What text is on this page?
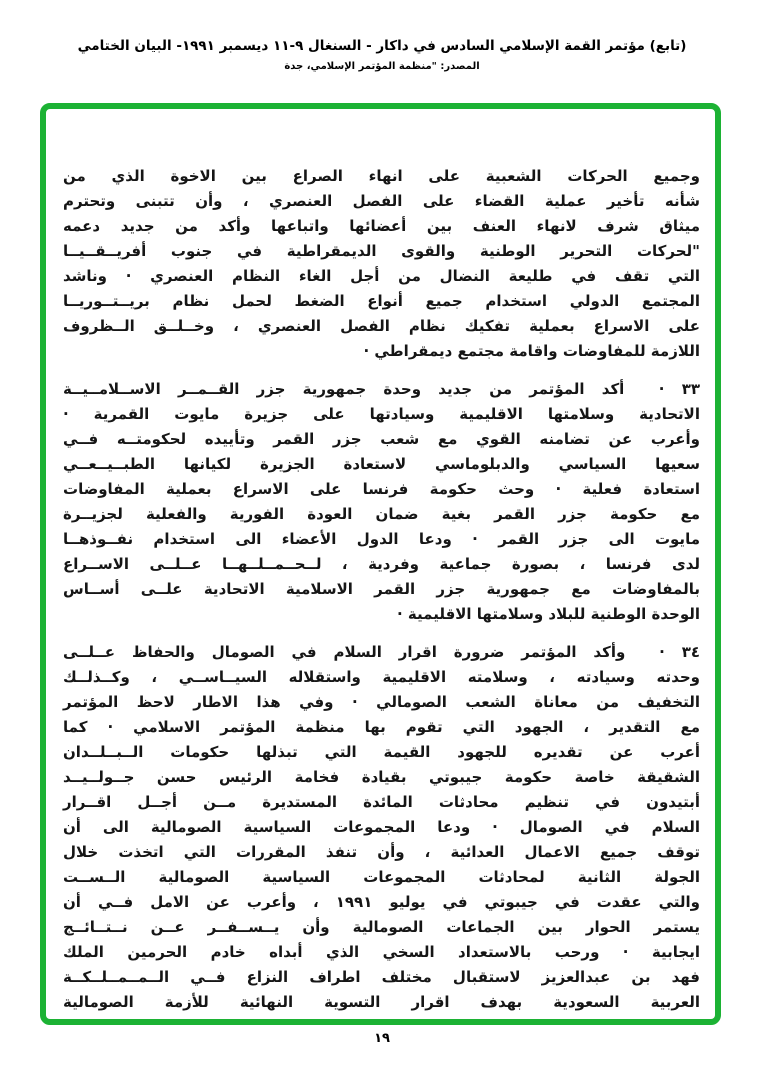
(تابع) مؤتمر القمة الإسلامي السادس في داكار - السنغال ٩-١١ ديسمبر ١٩٩١- البيان الختامي
المصدر: "منظمة المؤتمر الإسلامي، جدة
وجميع الحركات الشعبية على انهاء الصراع بين الاخوة الذي من
شأنه تأخير عملية القضاء على الفصل العنصري ، وأن تتبنى وتحترم
ميثاق شرف لانهاء العنف بين أعضائها واتباعها وأكد من جديد دعمه
"لحركات التحرير الوطنية والقوى الديمقراطية في جنوب أفريــقــيــا
التي تقف في طليعة النضال من أجل الغاء النظام العنصري · وناشد
المجتمع الدولي استخدام جميع أنواع الضغط لحمل نظام بريــتــوريــا
على الاسراع بعملية تفكيك نظام الفصل العنصري ، وخــلــق الــظروف
اللازمة للمفاوضات واقامة مجتمع ديمقراطي ·
٣٣ ·  أكد المؤتمر من جديد وحدة جمهورية جزر القــمــر الاســلامــيــة
الاتحادية وسلامتها الاقليمية وسيادتها على جزيرة مايوت القمرية ·
وأعرب عن تضامنه القوي مع شعب جزر القمر وتأييده لحكومتــه فــي
سعيها السياسي والدبلوماسي لاستعادة الجزيرة لكيانها الطبــيــعــي
استعادة فعلية · وحث حكومة فرنسا على الاسراع بعملية المفاوضات
مع حكومة جزر القمر بغية ضمان العودة الفورية والفعلية لجزيــرة
مايوت الى جزر القمر · ودعا الدول الأعضاء الى استخدام نفــوذهــا
لدى فرنسا ، بصورة جماعية وفردية ، لــحــمــلــهــا عــلــى الاســراع
بالمفاوضات مع جمهورية جزر القمر الاسلامية الاتحادية علــى أســاس
الوحدة الوطنية للبلاد وسلامتها الاقليمية ·
٣٤ ·  وأكد المؤتمر ضرورة اقرار السلام في الصومال والحفاظ عــلــى
وحدته وسيادته ، وسلامته الاقليمية واستقلاله السيــاســي ، وكــذلــك
التخفيف من معاناة الشعب الصومالي · وفي هذا الاطار لاحظ المؤتمر
مع التقدير ، الجهود التي تقوم بها منظمة المؤتمر الاسلامي · كما
أعرب عن تقديره للجهود القيمة التي تبذلها حكومات الــبــلــدان
الشقيقة خاصة حكومة جيبوتي بقيادة فخامة الرئيس حسن جــولــيــد
أبتيدون في تنظيم محادثات المائدة المستديرة مــن أجــل اقــرار
السلام في الصومال · ودعا المجموعات السياسية الصومالية الى أن
توقف جميع الاعمال العدائية ، وأن تنفذ المقررات التي اتخذت خلال
الجولة الثانية لمحادثات المجموعات السياسية الصومالية الــســت
والتي عقدت في جيبوتي في يوليو ١٩٩١ ، وأعرب عن الامل فــي أن
يستمر الحوار بين الجماعات الصومالية وأن يــســفــر عــن نــتــائــج
ايجابية · ورحب بالاستعداد السخي الذي أبداه خادم الحرمين الملك
فهد بن عبدالعزيز لاستقبال مختلف اطراف النزاع فــي الــمــمــلــكــة
العربية السعودية بهدف اقرار التسوية النهائية للأزمة الصومالية
١٩
